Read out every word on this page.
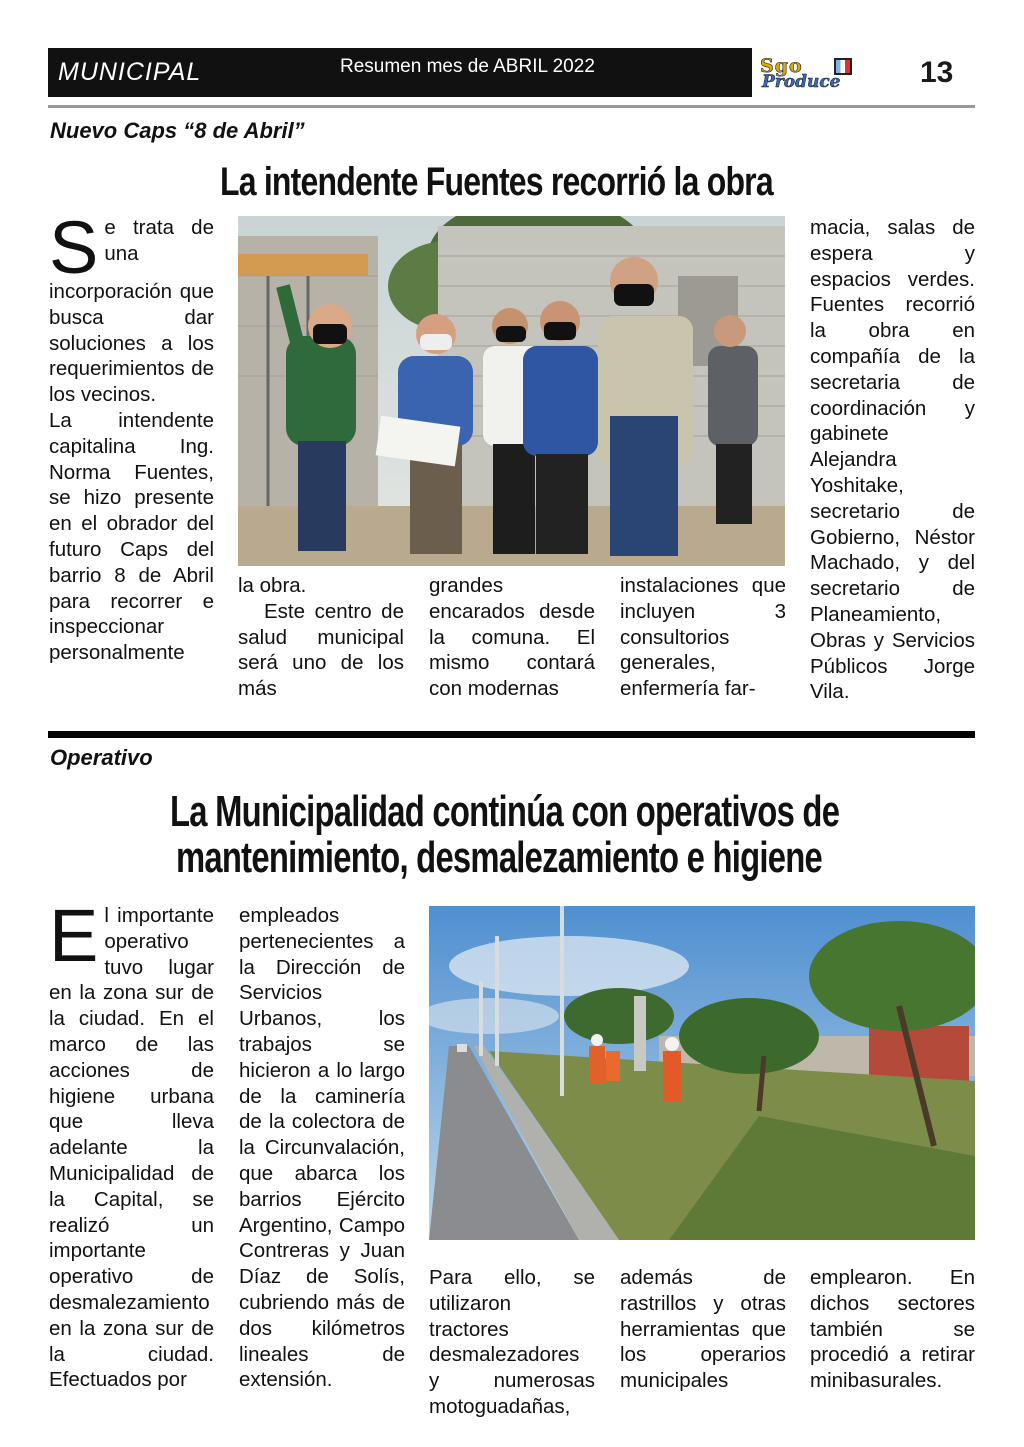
MUNICIPAL	Resumen mes de ABRIL 2022	Sgo
Produce	13
Nuevo Caps “8 de Abril”
La intendente Fuentes recorrió la obra

Se trata de una incorporación que busca dar soluciones a los requerimientos de los vecinos.

La intendente capitalina Ing. Norma Fuentes, se hizo presente en el obrador del futuro Caps del barrio 8 de Abril para recorrer e inspeccionar personalmente

la obra.

Este centro de salud municipal será uno de los más

grandes encarados desde la comuna. El mismo contará con modernas
instalaciones que incluyen 3 consultorios generales, enfermería far-
macia, salas de espera y espacios verdes. Fuentes recorrió la obra en compañía de la secretaria de coordinación y gabinete Alejandra Yoshitake, secretario de Gobierno, Néstor Machado, y del secretario de Planeamiento, Obras y Servicios Públicos Jorge Vila.
Operativo
La Municipalidad continúa con operativos de
mantenimiento, desmalezamiento e higiene

El importante operativo tuvo lugar en la zona sur de la ciudad. En el marco de las acciones de higiene urbana que lleva adelante la Municipalidad de la Capital, se realizó un importante operativo de desmalezamiento en la zona sur de la ciudad. Efectuados por

empleados pertenecientes a la Dirección de Servicios Urbanos, los trabajos se hicieron a lo largo de la caminería de la colectora de la Circunvalación, que abarca los barrios Ejército Argentino, Campo Contreras y Juan Díaz de Solís, cubriendo más de dos kilómetros lineales de extensión.
Para ello, se utilizaron tractores desmalezadores y numerosas motoguadañas,
además de rastrillos y otras herramientas que los operarios municipales
emplearon. En dichos sectores también se procedió a retirar minibasurales.
